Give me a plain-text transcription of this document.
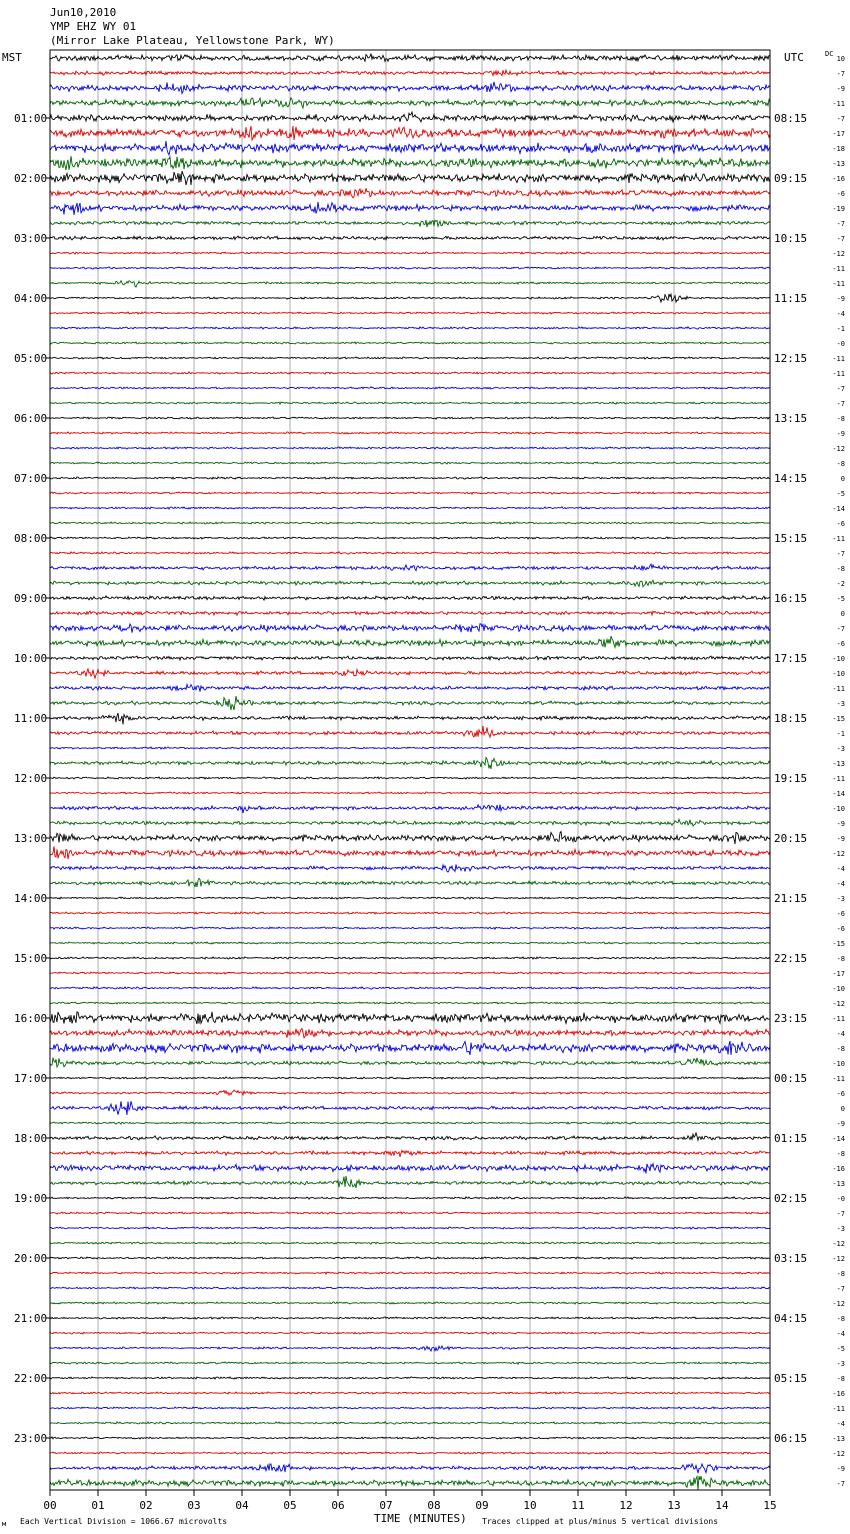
Jun10,2010
YMP EHZ WY 01
(Mirror Lake Plateau, Yellowstone Park, WY)
01:00
02:00
03:00
04:00
05:00
06:00
07:00
08:00
09:00
10:00
11:00
12:00
13:00
14:00
15:00
16:00
17:00
18:00
19:00
20:00
21:00
22:00
23:00
08:15
09:15
10:15
11:15
12:15
13:15
14:15
15:15
16:15
17:15
18:15
19:15
20:15
21:15
22:15
23:15
00:15
01:15
02:15
03:15
04:15
05:15
06:15
10
-7
-9
-11
-7
-17
-18
-13
-16
-6
-19
-7
-7
-12
-11
-11
-9
-4
-1
-0
-11
-11
-7
-7
-8
-9
-12
-8
0
-5
-14
-6
-11
-7
-8
-2
-5
0
-7
-6
-10
-10
-11
-3
-15
-1
-3
-13
-11
-14
-10
-9
-9
-12
-4
-4
-3
-6
-6
-15
-8
-17
-10
-12
-11
-4
-8
-10
-11
-6
0
-9
-14
-8
-16
-13
-0
-7
-3
-12
-12
-8
-7
-12
-8
-4
-5
-3
-8
-16
-11
-4
-13
-12
-9
-7
00	01	02	03	04	05	06	07	08	09	10	11	12	13	14	15
MST	UTC	DC
TIME (MINUTES)
Each Vertical Division = 1066.67 microvolts	Traces clipped at plus/minus 5 vertical divisions
м
